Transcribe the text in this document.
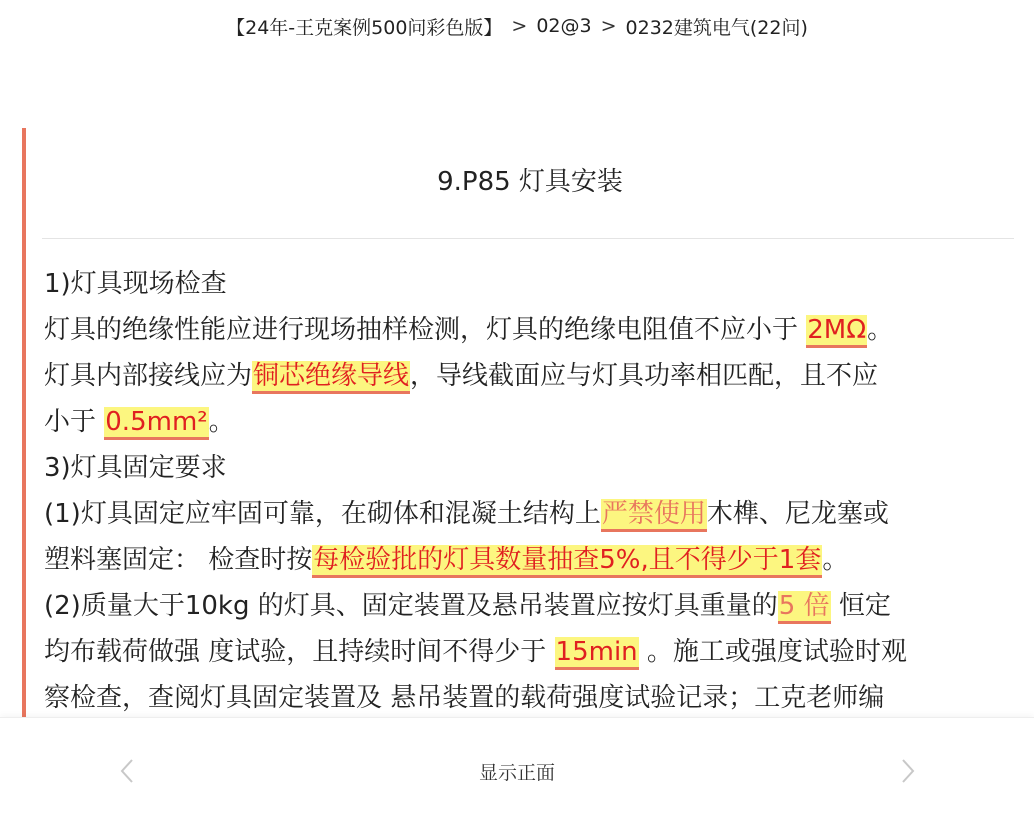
【24年-王克案例500问彩色版】 > 02@3 > 0232建筑电气(22问)
9.P85 灯具安装
1)灯具现场检查
灯具的绝缘性能应进行现场抽样检测，灯具的绝缘电阻值不应小于 2MΩ。
灯具内部接线应为铜芯绝缘导线，导线截面应与灯具功率相匹配，且不应
小于 0.5mm²。
3)灯具固定要求
(1)灯具固定应牢固可靠，在砌体和混凝土结构上严禁使用木榫、尼龙塞或
塑料塞固定： 检查时按每检验批的灯具数量抽查5%,且不得少于1套。
(2)质量大于10kg 的灯具、固定装置及悬吊装置应按灯具重量的5 倍 恒定
均布载荷做强 度试验，且持续时间不得少于 15min 。施工或强度试验时观
察检查，查阅灯具固定装置及 悬吊装置的载荷强度试验记录；工克老师编
显示正面
